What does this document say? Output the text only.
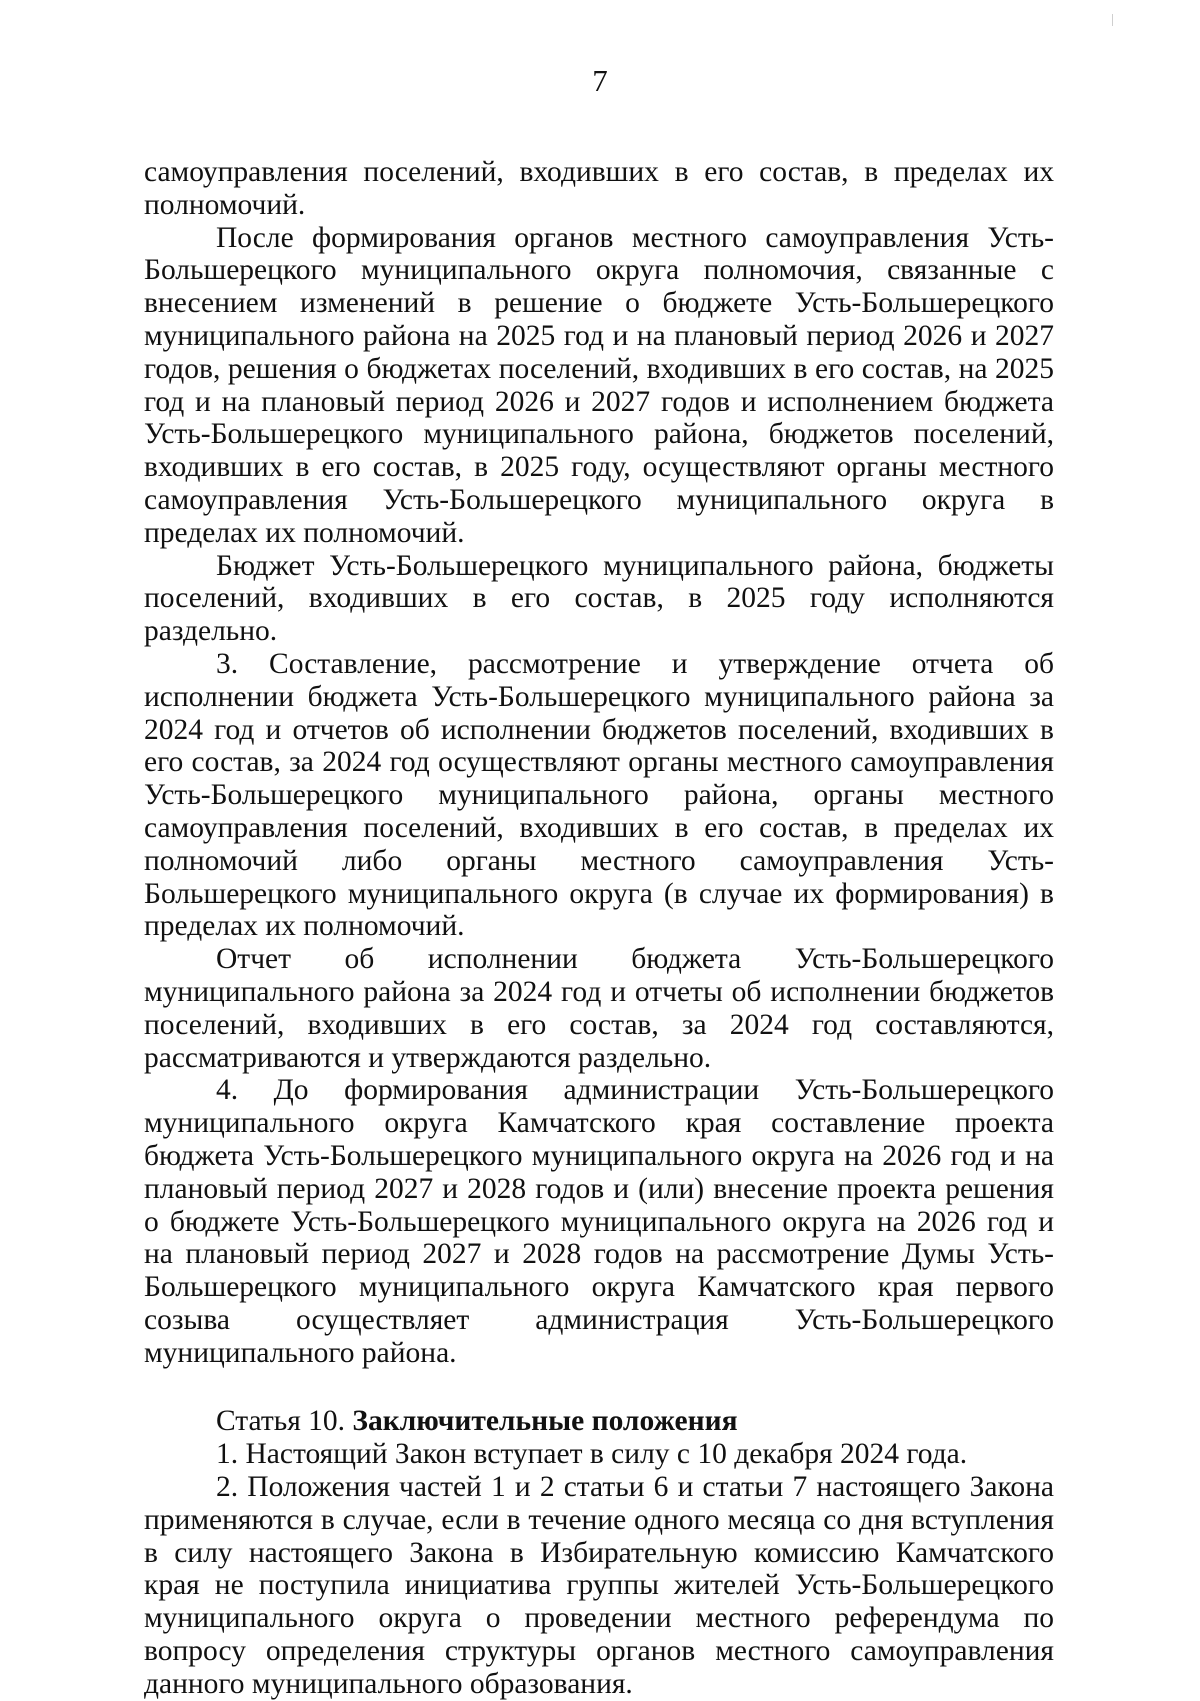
7

самоуправления поселений, входивших в его состав, в пределах их полномочий.

После формирования органов местного самоуправления Усть-Большерецкого муниципального округа полномочия, связанные с внесением изменений в решение о бюджете Усть-Большерецкого муниципального района на 2025 год и на плановый период 2026 и 2027 годов, решения о бюджетах поселений, входивших в его состав, на 2025 год и на плановый период 2026 и 2027 годов и исполнением бюджета Усть-Большерецкого муниципального района, бюджетов поселений, входивших в его состав, в 2025 году, осуществляют органы местного самоуправления Усть-Большерецкого муниципального округа в пределах их полномочий.

Бюджет Усть-Большерецкого муниципального района, бюджеты поселений, входивших в его состав, в 2025 году исполняются раздельно.

3. Составление, рассмотрение и утверждение отчета об исполнении бюджета Усть-Большерецкого муниципального района за 2024 год и отчетов об исполнении бюджетов поселений, входивших в его состав, за 2024 год осуществляют органы местного самоуправления Усть-Большерецкого муниципального района, органы местного самоуправления поселений, входивших в его состав, в пределах их полномочий либо органы местного самоуправления Усть-Большерецкого муниципального округа (в случае их формирования) в пределах их полномочий.

Отчет об исполнении бюджета Усть-Большерецкого муниципального района за 2024 год и отчеты об исполнении бюджетов поселений, входивших в его состав, за 2024 год составляются, рассматриваются и утверждаются раздельно.

4. До формирования администрации Усть-Большерецкого муниципального округа Камчатского края составление проекта бюджета Усть-Большерецкого муниципального округа на 2026 год и на плановый период 2027 и 2028 годов и (или) внесение проекта решения о бюджете Усть-Большерецкого муниципального округа на 2026 год и на плановый период 2027 и 2028 годов на рассмотрение Думы Усть-Большерецкого муниципального округа Камчатского края первого созыва осуществляет администрация Усть-Большерецкого муниципального района.

Статья 10. Заключительные положения

1. Настоящий Закон вступает в силу с 10 декабря 2024 года.

2. Положения частей 1 и 2 статьи 6 и статьи 7 настоящего Закона применяются в случае, если в течение одного месяца со дня вступления в силу настоящего Закона в Избирательную комиссию Камчатского края не поступила инициатива группы жителей Усть-Большерецкого муниципального округа о проведении местного референдума по вопросу определения структуры органов местного самоуправления данного муниципального образования.
